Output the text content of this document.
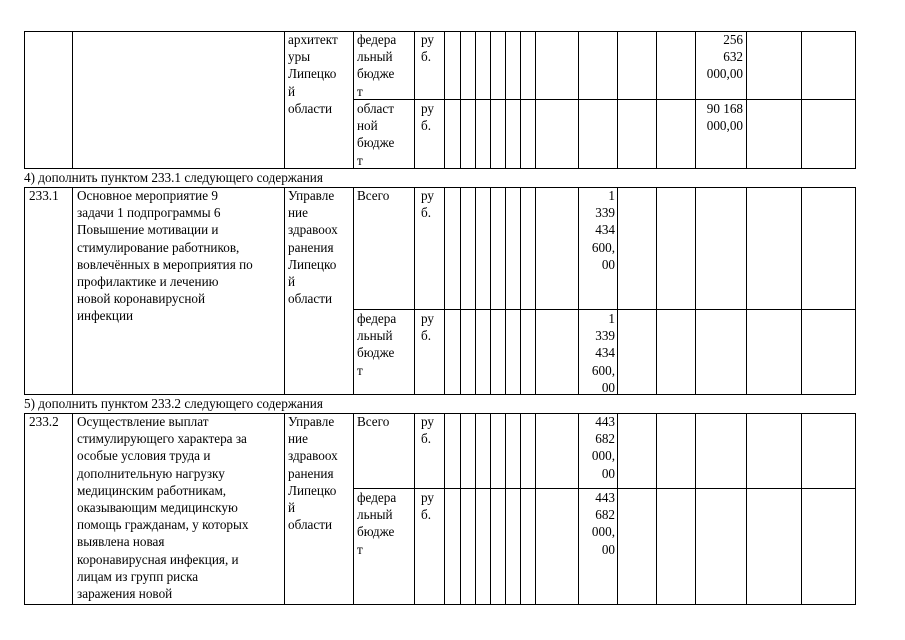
архитект
уры
Липецко
й
области
федера
льный
бюдже
т
ру
б.
256
632
000,00
област
ной
бюдже
т
ру
б.
90 168
000,00
4) дополнить пунктом 233.1 следующего содержания
233.1 Основное мероприятие 9
задачи 1 подпрограммы 6
Повышение мотивации и
стимулирование работников,
вовлечённых в мероприятия по
профилактике и лечению
новой коронавирусной
инфекции
Управле
ние
здравоох
ранения
Липецко
й
области
Всего ру
б.
1
339
434
600,
00
федера
льный
бюдже
т
ру
б.
1
339
434
600,
00
5) дополнить пунктом 233.2 следующего содержания
233.2 Осуществление выплат
стимулирующего характера за
особые условия труда и
дополнительную нагрузку
медицинским работникам,
оказывающим медицинскую
помощь гражданам, у которых
выявлена новая
коронавирусная инфекция, и
лицам из групп риска
заражения новой
Управле
ние
здравоох
ранения
Липецко
й
области
Всего ру
б.
443
682
000,
00
федера
льный
бюдже
т
ру
б.
443
682
000,
00
